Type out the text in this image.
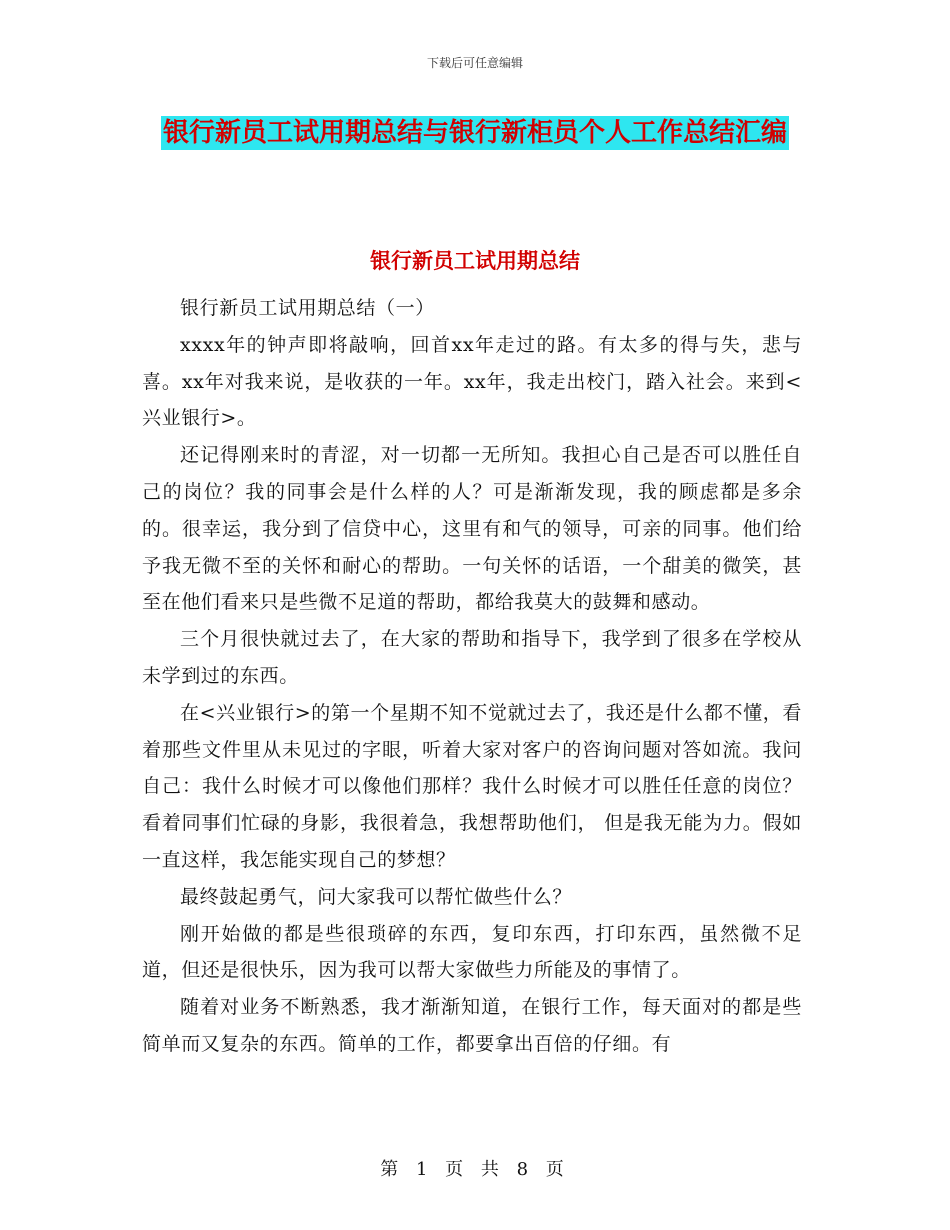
下载后可任意编辑
银行新员工试用期总结与银行新柜员个人工作总结汇编
银行新员工试用期总结

银行新员工试用期总结（一）

xxxx年的钟声即将敲响，回首xx年走过的路。有太多的得与失，悲与喜。xx年对我来说，是收获的一年。xx年，我走出校门，踏入社会。来到<兴业银行>。

还记得刚来时的青涩，对一切都一无所知。我担心自己是否可以胜任自己的岗位？我的同事会是什么样的人？可是渐渐发现，我的顾虑都是多余的。很幸运，我分到了信贷中心，这里有和气的领导，可亲的同事。他们给予我无微不至的关怀和耐心的帮助。一句关怀的话语，一个甜美的微笑，甚至在他们看来只是些微不足道的帮助，都给我莫大的鼓舞和感动。

三个月很快就过去了，在大家的帮助和指导下，我学到了很多在学校从未学到过的东西。

在<兴业银行>的第一个星期不知不觉就过去了，我还是什么都不懂，看着那些文件里从未见过的字眼，听着大家对客户的咨询问题对答如流。我问自己：我什么时候才可以像他们那样？我什么时候才可以胜任任意的岗位？看着同事们忙碌的身影，我很着急，我想帮助他们， 但是我无能为力。假如一直这样，我怎能实现自己的梦想？

最终鼓起勇气，问大家我可以帮忙做些什么？

刚开始做的都是些很琐碎的东西，复印东西，打印东西，虽然微不足道，但还是很快乐，因为我可以帮大家做些力所能及的事情了。

随着对业务不断熟悉，我才渐渐知道，在银行工作，每天面对的都是些简单而又复杂的东西。简单的工作，都要拿出百倍的仔细。有

第 1 页 共 8 页
